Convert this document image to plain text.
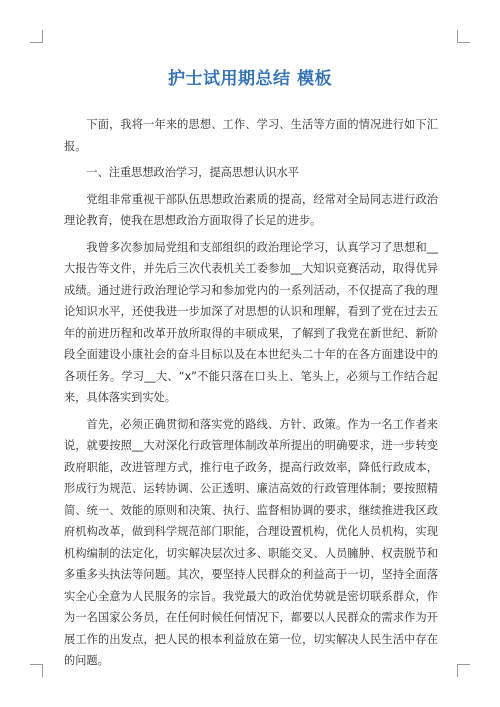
护士试用期总结 模板

下面，我将一年来的思想、工作、学习、生活等方面的情况进行如下汇报。

一、注重思想政治学习，提高思想认识水平

党组非常重视干部队伍思想政治素质的提高，经常对全局同志进行政治理论教育，使我在思想政治方面取得了长足的进步。

我曾多次参加局党组和支部组织的政治理论学习，认真学习了思想和__大报告等文件，并先后三次代表机关工委参加__大知识竞赛活动，取得优异成绩。通过进行政治理论学习和参加党内的一系列活动，不仅提高了我的理论知识水平，还使我进一步加深了对思想的认识和理解，看到了党在过去五年的前进历程和改革开放所取得的丰硕成果，了解到了我党在新世纪、新阶段全面建设小康社会的奋斗目标以及在本世纪头二十年的在各方面建设中的各项任务。学习__大、“x”不能只落在口头上、笔头上，必须与工作结合起来，具体落实到实处。

首先，必须正确贯彻和落实党的路线、方针、政策。作为一名工作者来说，就要按照__大对深化行政管理体制改革所提出的明确要求，进一步转变政府职能，改进管理方式，推行电子政务，提高行政效率，降低行政成本，形成行为规范、运转协调、公正透明、廉洁高效的行政管理体制；要按照精简、统一、效能的原则和决策、执行、监督相协调的要求，继续推进我区政府机构改革，做到科学规范部门职能，合理设置机构，优化人员机构，实现机构编制的法定化，切实解决层次过多、职能交叉、人员臃肿、权责脱节和多重多头执法等问题。其次，要坚持人民群众的利益高于一切，坚持全面落实全心全意为人民服务的宗旨。我党最大的政治优势就是密切联系群众，作为一名国家公务员，在任何时候任何情况下，都要以人民群众的需求作为开展工作的出发点，把人民的根本利益放在第一位，切实解决人民生活中存在的问题。
